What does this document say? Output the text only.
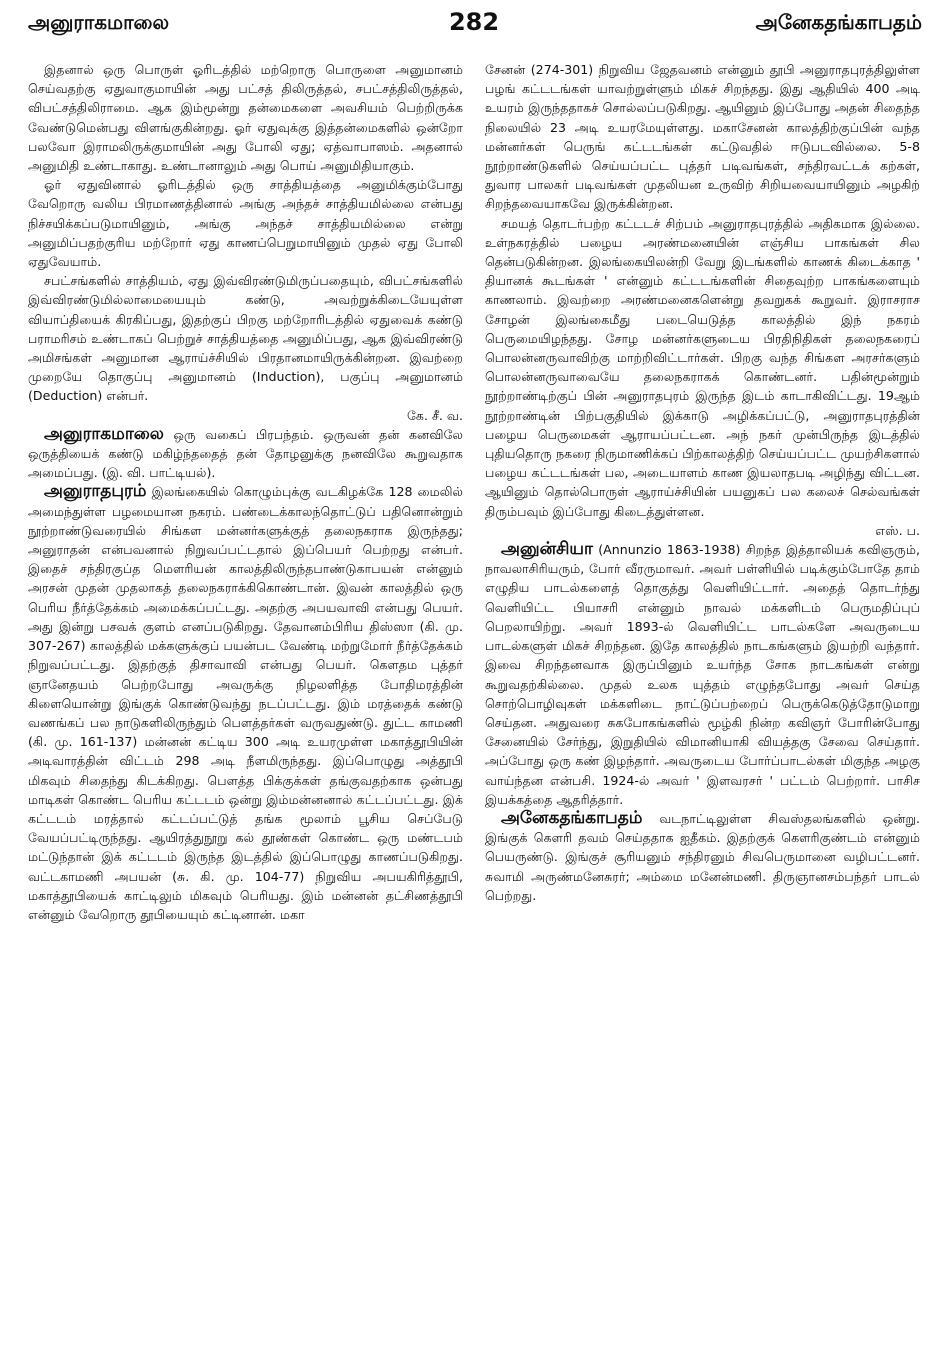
அனுராகமாலை	282	அனேகதங்காபதம்

இதனால் ஒரு பொருள் ஓரிடத்தில் மற்றொரு பொருளை அனுமானம் செய்வதற்கு ஏதுவாகுமாயின் அது பட்சத் திலிருத்தல், சபட்சத்திலிருத்தல், விபட்சத்திலிராமை. ஆக இம்மூன்று தன்மைகளை அவசியம் பெற்றிருக்க வேண்டுமென்பது விளங்குகின்றது. ஓர் ஏதுவுக்கு இத்தன்மைகளில் ஒன்றோ பலவோ இராமலிருக்குமாயின் அது போலி ஏது; ஏத்வாபாஸம். அதனால் அனுமிதி உண்டாகாது. உண்டானாலும் அது பொய் அனுமிதியாகும்.

ஓர் ஏதுவினால் ஓரிடத்தில் ஒரு சாத்தியத்தை அனுமிக்கும்போது வேறொரு வலிய பிரமாணத்தினால் அங்கு அந்தச் சாத்தியமில்லை என்பது நிச்சயிக்கப்படுமாயினும், அங்கு அந்தச் சாத்தியமில்லை என்று அனுமிப்பதற்குரிய மற்றோர் ஏது காணப்பெறுமாயினும் முதல் ஏது போலி ஏதுவேயாம்.

சபட்சங்களில் சாத்தியம், ஏது இவ்விரண்டுமிருப்பதையும், விபட்சங்களில் இவ்விரண்டுமில்லாமையையும் கண்டு, அவற்றுக்கிடையேயுள்ள வியாப்தியைக் கிரகிப்பது, இதற்குப் பிறகு மற்றோரிடத்தில் ஏதுவைக் கண்டு பராமரிசம் உண்டாகப் பெற்றுச் சாத்தியத்தை அனுமிப்பது, ஆக இவ்விரண்டு அமிசங்கள் அனுமான ஆராய்ச்சியில் பிரதானமாயிருக்கின்றன. இவற்றை முறையே தொகுப்பு அனுமானம் (Induction), பகுப்பு அனுமானம் (Deduction) என்பர்.

கே. சீ. வ.

அனுராகமாலை ஒரு வகைப் பிரபந்தம். ஒருவன் தன் கனவிலே ஒருத்தியைக் கண்டு மகிழ்ந்ததைத் தன் தோழனுக்கு நனவிலே கூறுவதாக அமைப்பது. (இ. வி. பாட்டியல்).

அனுராதபுரம் இலங்கையில் கொழும்புக்கு வடகிழக்கே 128 மைலில் அமைந்துள்ள பழமையான நகரம். பண்டைக்காலந்தொட்டுப் பதினொன்றும் நூற்றாண்டுவரையில் சிங்கள மன்னர்களுக்குத் தலைநகராக இருந்தது; அனுராதன் என்பவனால் நிறுவப்பட்டதால் இப்பெயர் பெற்றது என்பர். இதைச் சந்திரகுப்த மௌரியன் காலத்திலிருந்தபாண்டுகாபயன் என்னும் அரசன் முதன் முதலாகத் தலைநகராக்கிகொண்டான். இவன் காலத்தில் ஒரு பெரிய நீர்த்தேக்கம் அமைக்கப்பட்டது. அதற்கு அபயவாவி என்பது பெயர். அது இன்று பசவக் குளம் எனப்படுகிறது. தேவானம்பிரிய திஸ்ஸா (கி. மு. 307-267) காலத்தில் மக்களுக்குப் பயன்பட வேண்டி மற்றுமோர் நீர்த்தேக்கம் நிறுவப்பட்டது. இதற்குத் திசாவாவி என்பது பெயர். கௌதம புத்தர் ஞானேதயம் பெற்றபோது அவருக்கு நிழலளித்த போதிமரத்தின் கிளையொன்று இங்குக் கொண்டுவந்து நடப்பட்டது. இம் மரத்தைக் கண்டு வணங்கப் பல நாடுகளிலிருந்தும் பௌத்தர்கள் வருவதுண்டு. துட்ட காமணி (கி. மு. 161-137) மன்னன் கட்டிய 300 அடி உயரமுள்ள மகாத்தூபியின் அடிவாரத்தின் விட்டம் 298 அடி நீளமிருந்தது. இப்பொழுது அத்தூபி மிகவும் சிதைந்து கிடக்கிறது. பௌத்த பிக்குக்கள் தங்குவதற்காக ஒன்பது மாடிகள் கொண்ட பெரிய கட்டடம் ஒன்று இம்மன்னனால் கட்டப்பட்டது. இக் கட்டடம் மரத்தால் கட்டப்பட்டுத் தங்க மூலாம் பூசிய செப்பேடு வேயப்பட்டிருந்தது. ஆயிரத்துநூறு கல் தூண்கள் கொண்ட ஒரு மண்டபம் மட்டுந்தான் இக் கட்டடம் இருந்த இடத்தில் இப்பொழுது காணப்படுகிறது. வட்டகாமணி அபயன் (சு. கி. மு. 104-77) நிறுவிய அபயகிரித்தூபி, மகாத்தூபியைக் காட்டிலும் மிகவும் பெரியது. இம் மன்னன் தட்சிணத்தூபி என்னும் வேறொரு தூபியையும் கட்டினான். மகா

சேனன் (274-301) நிறுவிய ஜேதவனம் என்னும் தூபி அனுராதபுரத்திலுள்ள பழங் கட்டடங்கள் யாவற்றுள்ளும் மிகச் சிறந்தது. இது ஆதியில் 400 அடி உயரம் இருந்ததாகச் சொல்லப்படுகிறது. ஆயினும் இப்போது அதன் சிதைந்த நிலையில் 23 அடி உயரமேயுள்ளது. மகாசேனன் காலத்திற்குப்பின் வந்த மன்னர்கள் பெருங் கட்டடங்கள் கட்டுவதில் ஈடுபடவில்லை. 5-8 நூற்றாண்டுகளில் செய்யப்பட்ட புத்தர் படிவங்கள், சந்திரவட்டக் கற்கள், துவார பாலகர் படிவங்கள் முதலியன உருவிற் சிறியவையாயினும் அழகிற் சிறந்தவையாகவே இருக்கின்றன.

சமயத் தொடர்பற்ற கட்டடச் சிற்பம் அனுராதபுரத்தில் அதிகமாக இல்லை. உள்நகரத்தில் பழைய அரண்மனையின் எஞ்சிய பாகங்கள் சில தென்படுகின்றன. இலங்கையிலன்றி வேறு இடங்களில் காணக் கிடைக்காத ' தியானக் கூடங்கள் ' என்னும் கட்டடங்களின் சிதைவுற்ற பாகங்களையும் காணலாம். இவற்றை அரண்மனைகளென்று தவறுகக் கூறுவர். இராசராச சோழன் இலங்கைமீது படையெடுத்த காலத்தில் இந் நகரம் பெருமையிழந்தது. சோழ மன்னர்களுடைய பிரதிநிதிகள் தலைநகரைப் பொலன்னருவாவிற்கு மாற்றிவிட்டார்கள். பிறகு வந்த சிங்கள அரசர்களும் பொலன்னருவாவையே தலைநகராகக் கொண்டனர். பதின்மூன்றும் நூற்றாண்டிற்குப் பின் அனுராதபுரம் இருந்த இடம் காடாகிவிட்டது. 19ஆம் நூற்றாண்டின் பிற்பகுதியில் இக்காடு அழிக்கப்பட்டு, அனுராதபுரத்தின் பழைய பெருமைகள் ஆராயப்பட்டன. அந் நகர் முன்பிருந்த இடத்தில் புதியதொரு நகரை நிருமாணிக்கப் பிற்காலத்திற் செய்யப்பட்ட முயற்சிகளால் பழைய கட்டடங்கள் பல, அடையாளம் காண இயலாதபடி அழிந்து விட்டன. ஆயினும் தொல்பொருள் ஆராய்ச்சியின் பயனுகப் பல கலைச் செல்வங்கள் திரும்பவும் இப்போது கிடைத்துள்ளன.

எஸ். ப.

அனுன்சியா (Annunzio 1863-1938) சிறந்த இத்தாலியக் கவிஞரும், நாவலாசிரியரும், போர் வீரருமாவர். அவர் பள்ளியில் படிக்கும்போதே தாம் எழுதிய பாடல்களைத் தொகுத்து வெளியிட்டார். அதைத் தொடர்ந்து வெளியிட்ட பியாசரி என்னும் நாவல் மக்களிடம் பெருமதிப்புப் பெறலாயிற்று. அவர் 1893-ல் வெளியிட்ட பாடல்களே அவருடைய பாடல்களுள் மிகச் சிறந்தன. இதே காலத்தில் நாடகங்களும் இயற்றி வந்தார். இவை சிறந்தனவாக இருப்பினும் உயர்ந்த சோக நாடகங்கள் என்று கூறுவதற்கில்லை. முதல் உலக யுத்தம் எழுந்தபோது அவர் செய்த சொற்பொழிவுகள் மக்களிடை நாட்டுப்பற்றைப் பெருக்கெடுத்தோடுமாறு செய்தன. அதுவரை சுகபோகங்களில் மூழ்கி நின்ற கவிஞர் போரின்போது சேனையில் சேர்ந்து, இறுதியில் விமானியாகி வியத்தகு சேவை செய்தார். அப்போது ஒரு கண் இழந்தார். அவருடைய போர்ப்பாடல்கள் மிகுந்த அழகு வாய்ந்தன என்பசி. 1924-ல் அவர் ' இளவரசர் ' பட்டம் பெற்றார். பாசிச இயக்கத்தை ஆதரித்தார்.

அனேகதங்காபதம் வடநாட்டிலுள்ள சிவஸ்தலங்களில் ஒன்று. இங்குக் கௌரி தவம் செய்ததாக ஐதீகம். இதற்குக் கௌரிகுண்டம் என்னும் பெயருண்டு. இங்குச் சூரியனும் சந்திரனும் சிவபெருமானை வழிபட்டனர். சுவாமி அருண்மனேசுரர்; அம்மை மனேன்மணி. திருஞானசம்பந்தர் பாடல் பெற்றது.
